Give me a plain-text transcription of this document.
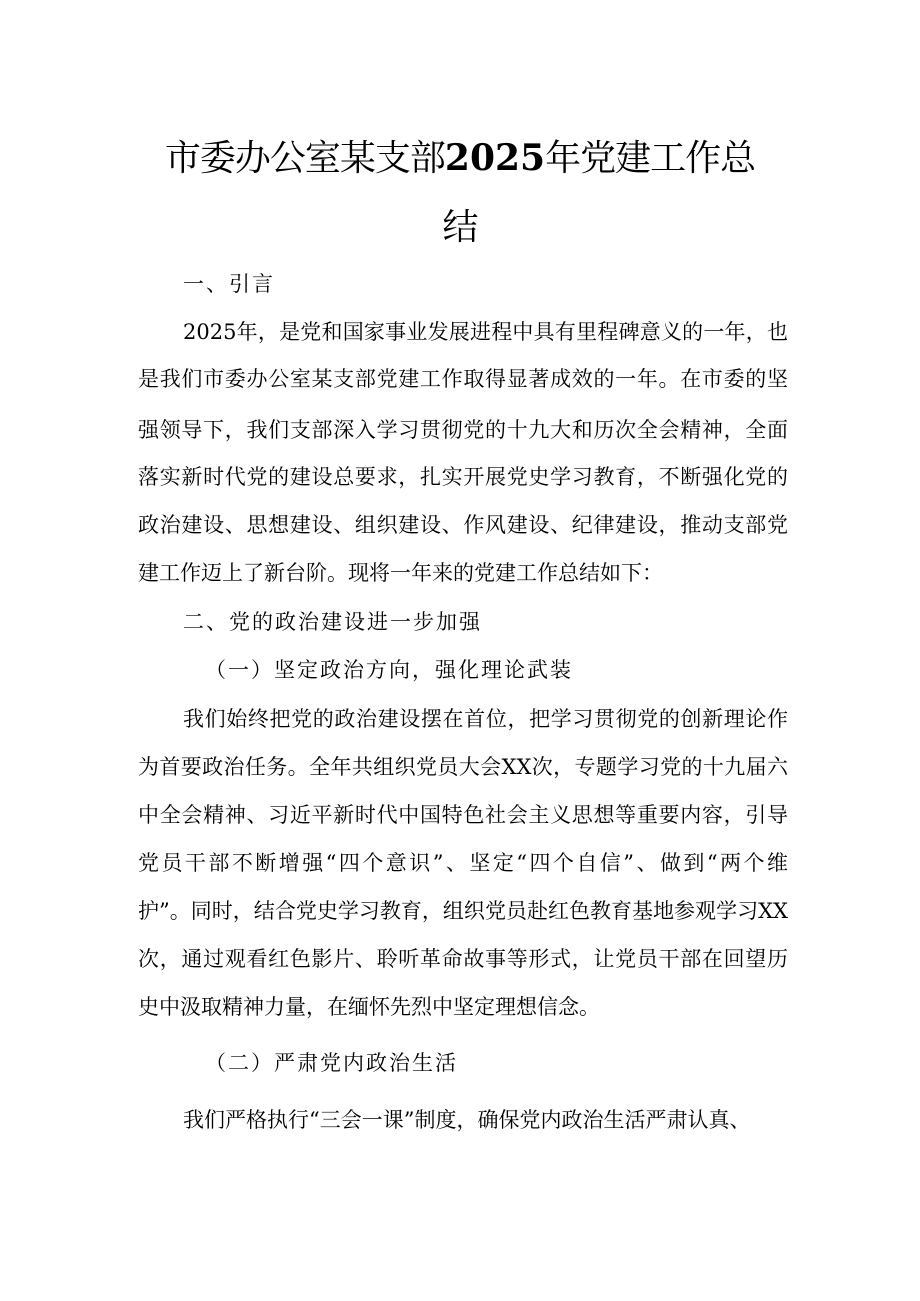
市委办公室某支部2025年党建工作总
结
一、引言
2025年，是党和国家事业发展进程中具有里程碑意义的一年，也
是我们市委办公室某支部党建工作取得显著成效的一年。在市委的坚
强领导下，我们支部深入学习贯彻党的十九大和历次全会精神，全面
落实新时代党的建设总要求，扎实开展党史学习教育，不断强化党的
政治建设、思想建设、组织建设、作风建设、纪律建设，推动支部党
建工作迈上了新台阶。现将一年来的党建工作总结如下：
二、党的政治建设进一步加强
（一）坚定政治方向，强化理论武装
我们始终把党的政治建设摆在首位，把学习贯彻党的创新理论作
为首要政治任务。全年共组织党员大会XX次，专题学习党的十九届六
中全会精神、习近平新时代中国特色社会主义思想等重要内容，引导
党员干部不断增强“四个意识”、坚定“四个自信”、做到“两个维
护”。同时，结合党史学习教育，组织党员赴红色教育基地参观学习XX
次，通过观看红色影片、聆听革命故事等形式，让党员干部在回望历
史中汲取精神力量，在缅怀先烈中坚定理想信念。
（二）严肃党内政治生活
我们严格执行“三会一课”制度，确保党内政治生活严肃认真、
